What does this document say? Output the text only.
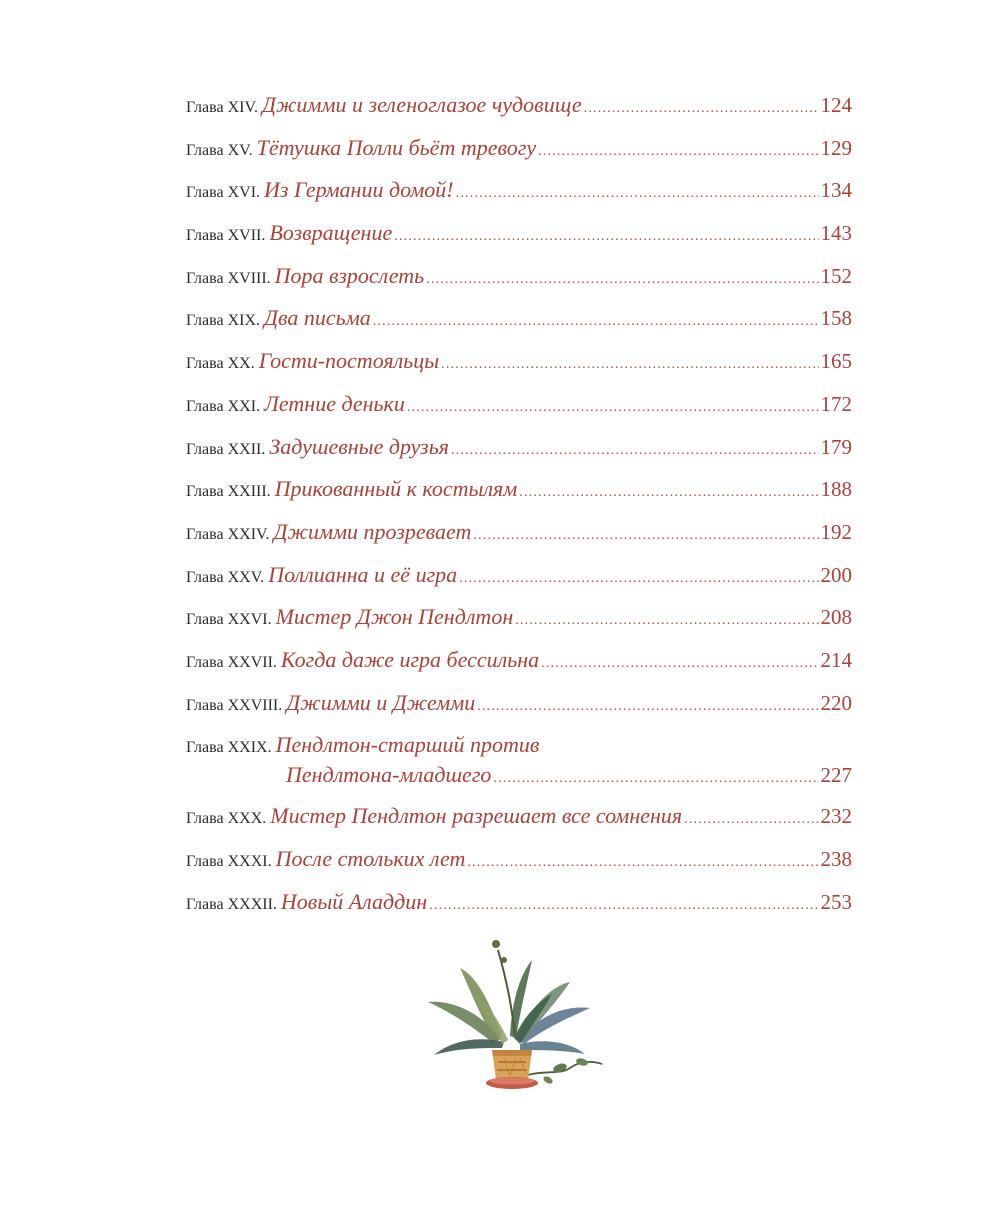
Глава XIV. Джимми и зеленоглазое чудовище .....	124
Глава XV. Тётушка Полли бьёт тревогу .....	129
Глава XVI. Из Германии домой! .....	134
Глава XVII. Возвращение .....	143
Глава XVIII. Пора взрослеть .....	152
Глава XIX. Два письма .....	158
Глава XX. Гости-постояльцы .....	165
Глава XXI. Летние деньки .....	172
Глава XXII. Задушевные друзья .....	179
Глава XXIII. Прикованный к костылям .....	188
Глава XXIV. Джимми прозревает .....	192
Глава XXV. Поллианна и её игра .....	200
Глава XXVI. Мистер Джон Пендлтон .....	208
Глава XXVII. Когда даже игра бессильна .....	214
Глава XXVIII. Джимми и Джемми .....	220
Глава XXIX. Пендлтон-старший против
Пендлтона-младшего .....	227
Глава XXX. Мистер Пендлтон разрешает все сомнения .....	232
Глава XXXI. После стольких лет .....	238
Глава XXXII. Новый Аладдин .....	253
